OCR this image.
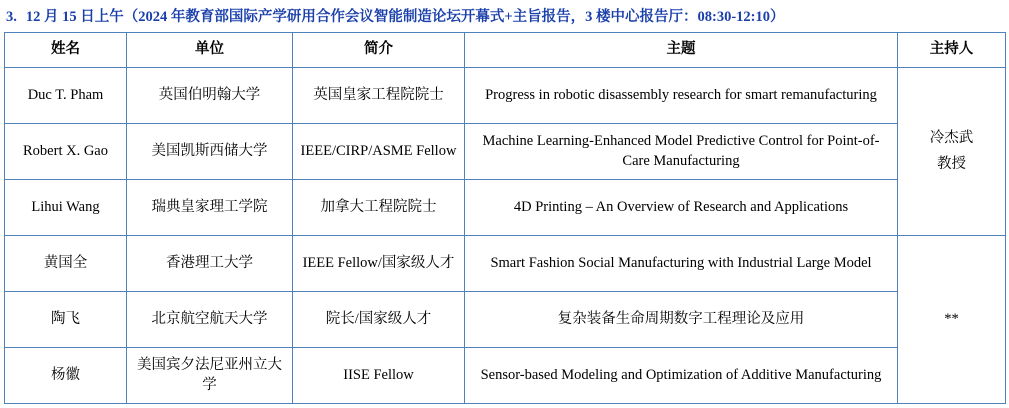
3. 12 月 15 日上午（2024 年教育部国际产学研用合作会议智能制造论坛开幕式+主旨报告，3 楼中心报告厅：08:30-12:10）
姓名	单位	简介	主题	主持人
Duc T. Pham	英国伯明翰大学	英国皇家工程院院士	Progress in robotic disassembly research for smart remanufacturing	冷杰武
教授

Robert X. Gao	美国凯斯西储大学	IEEE/CIRP/ASME Fellow	Machine Learning-Enhanced Model Predictive Control for Point-of-Care Manufacturing	
Lihui Wang	瑞典皇家理工学院	加拿大工程院院士	4D Printing – An Overview of Research and Applications	
黄国全	香港理工大学	IEEE Fellow/国家级人才	Smart Fashion Social Manufacturing with Industrial Large Model	**

陶飞	北京航空航天大学	院长/国家级人才	复杂装备生命周期数字工程理论及应用	
杨徽	美国宾夕法尼亚州立大学	IISE Fellow	Sensor-based Modeling and Optimization of Additive Manufacturing	
